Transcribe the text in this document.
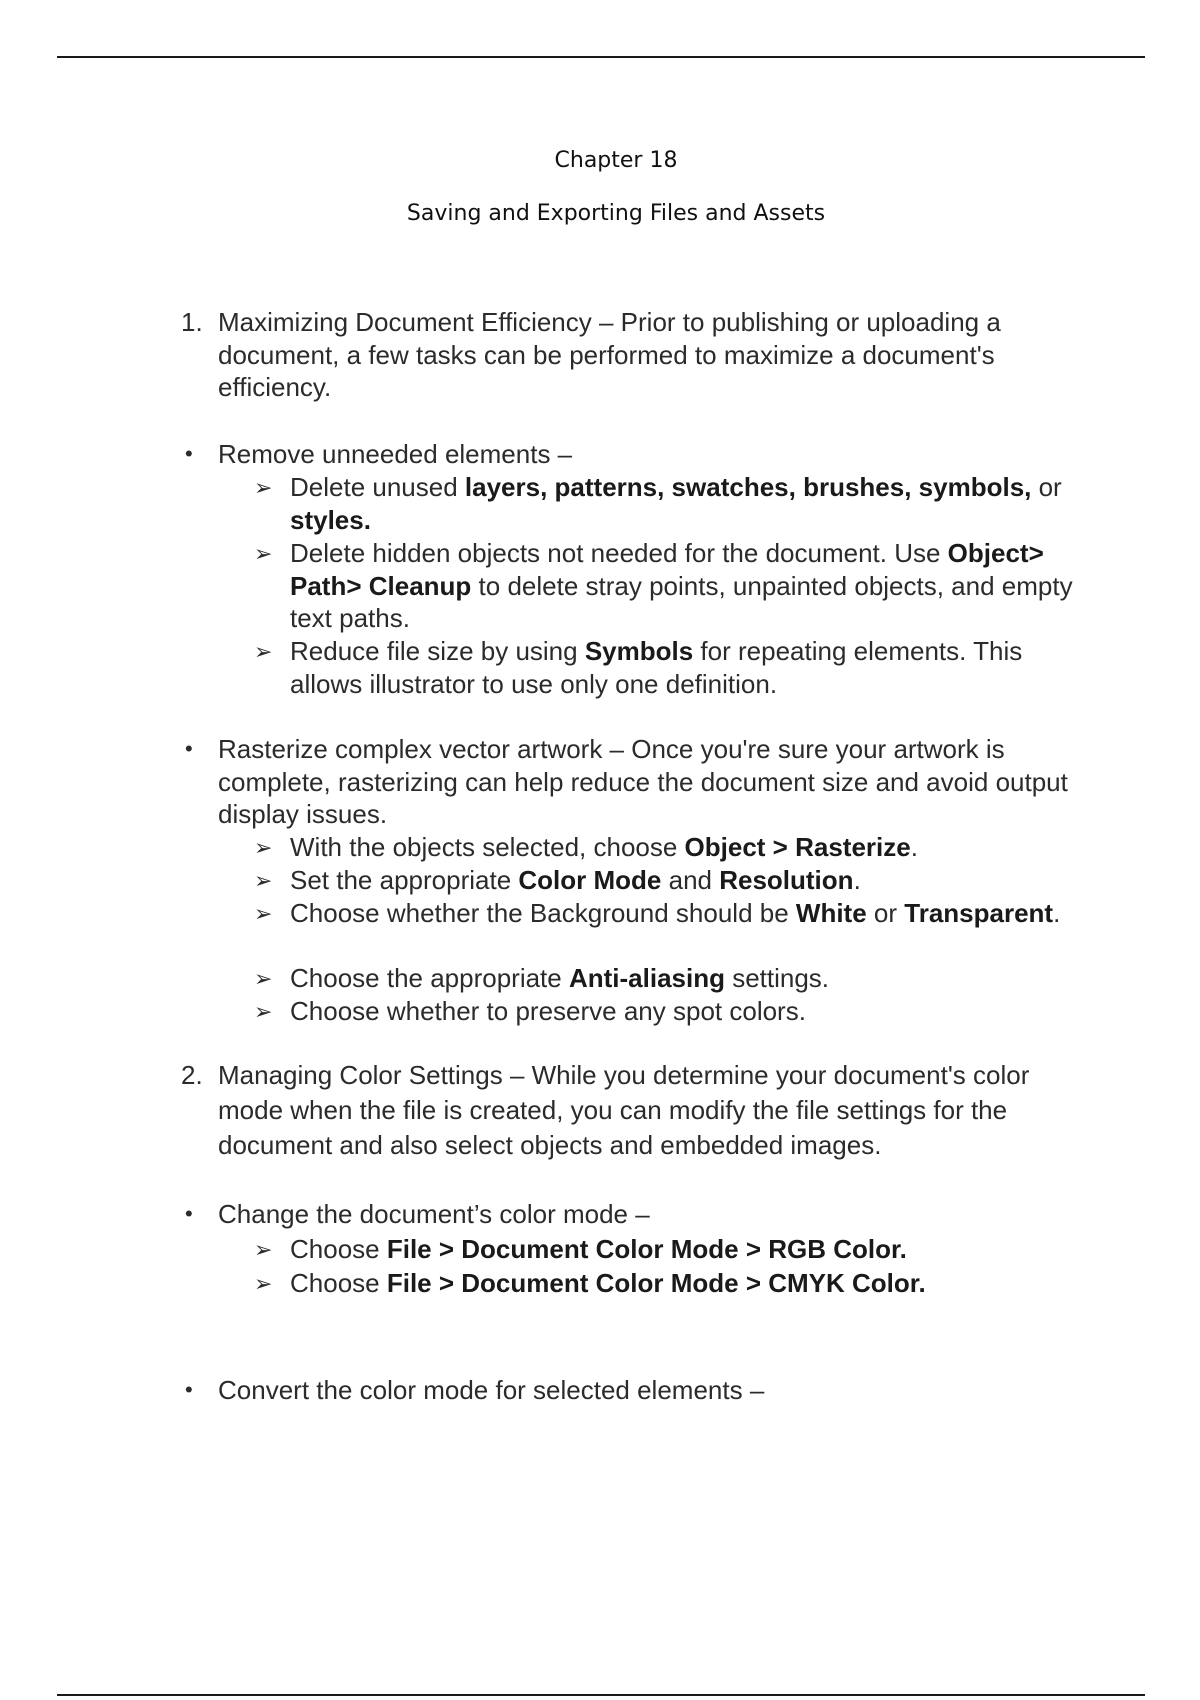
Chapter 18
Saving and Exporting Files and Assets
1. Maximizing Document Efficiency – Prior to publishing or uploading a document, a few tasks can be performed to maximize a document's efficiency.
• Remove unneeded elements –
➢ Delete unused layers, patterns, swatches, brushes, symbols, or styles.
➢ Delete hidden objects not needed for the document. Use Object> Path> Cleanup to delete stray points, unpainted objects, and empty text paths.
➢ Reduce file size by using Symbols for repeating elements. This allows illustrator to use only one definition.
• Rasterize complex vector artwork – Once you're sure your artwork is complete, rasterizing can help reduce the document size and avoid output display issues.
➢ With the objects selected, choose Object > Rasterize.
➢ Set the appropriate Color Mode and Resolution.
➢ Choose whether the Background should be White or Transparent.
➢ Choose the appropriate Anti-aliasing settings.
➢ Choose whether to preserve any spot colors.
2. Managing Color Settings – While you determine your document's color mode when the file is created, you can modify the file settings for the document and also select objects and embedded images.
• Change the document’s color mode –
➢ Choose File > Document Color Mode > RGB Color.
➢ Choose File > Document Color Mode > CMYK Color.
• Convert the color mode for selected elements –
